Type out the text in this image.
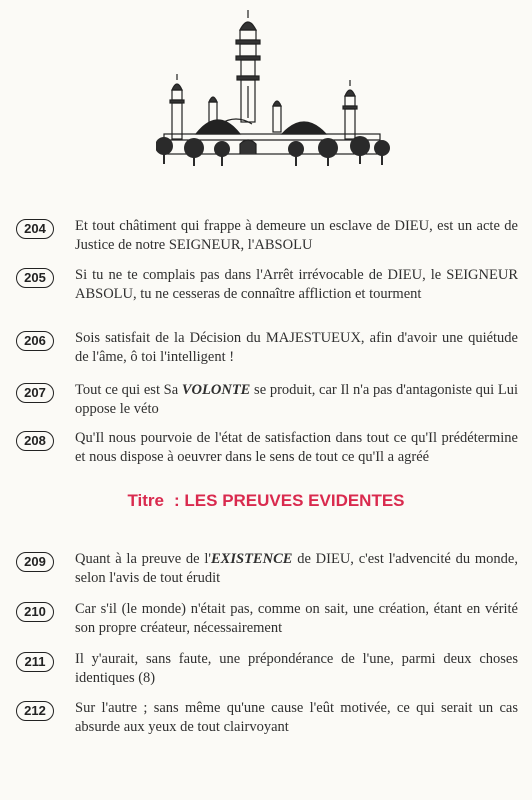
204	Et tout châtiment qui frappe à demeure un esclave de DIEU, est un acte de Justice de notre SEIGNEUR, l'ABSOLU
205	Si tu ne te complais pas dans l'Arrêt irrévocable de DIEU, le SEIGNEUR ABSOLU, tu ne cesseras de connaître affliction et tourment
206	Sois satisfait de la Décision du MAJESTUEUX, afin d'avoir une quiétude de l'âme, ô toi l'intelligent !
207	Tout ce qui est Sa VOLONTE se produit, car Il n'a pas d'antagoniste qui Lui oppose le véto
208	Qu'Il nous pourvoie de l'état de satisfaction dans tout ce qu'Il prédétermine et nous dispose à oeuvrer dans le sens de tout ce qu'Il a agréé
Titre : LES PREUVES EVIDENTES
209	Quant à la preuve de l'EXISTENCE de DIEU, c'est l'advencité du monde, selon l'avis de tout érudit
210	Car s'il (le monde) n'était pas, comme on sait, une création, étant en vérité son propre créateur, nécessairement
211	Il y'aurait, sans faute, une prépondérance de l'une, parmi deux choses identiques (8)
212	Sur l'autre ; sans même qu'une cause l'eût motivée, ce qui serait un cas absurde aux yeux de tout clairvoyant
